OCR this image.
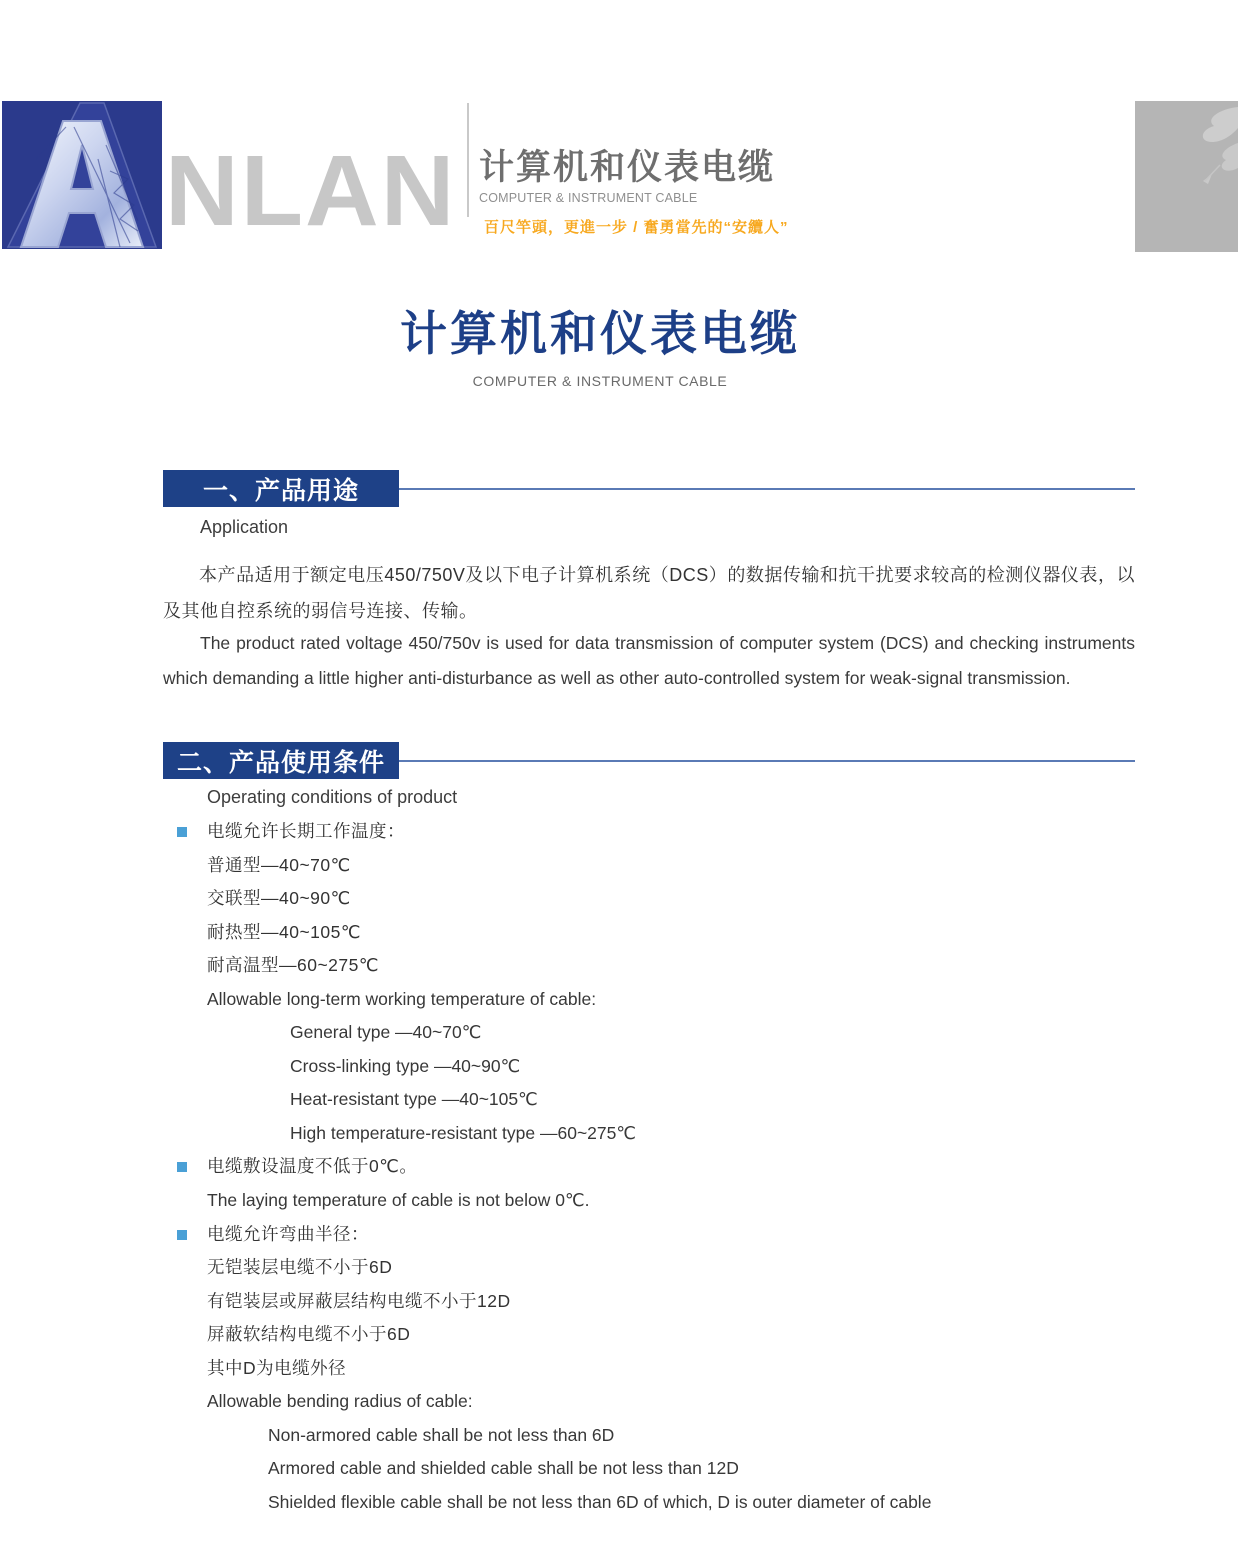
NLAN 计算机和仪表电缆
COMPUTER & INSTRUMENT CABLE
百尺竿頭，更進一步 / 奮勇當先的“安纜人”
计算机和仪表电缆
COMPUTER & INSTRUMENT CABLE
一、产品用途
Application
本产品适用于额定电压450/750V及以下电子计算机系统（DCS）的数据传输和抗干扰要求较高的检测仪器仪表，以及其他自控系统的弱信号连接、传输。
The product rated voltage 450/750v is used for data transmission of computer system (DCS) and checking instruments which demanding a little higher anti-disturbance as well as other auto-controlled system for weak-signal transmission.
二、产品使用条件
Operating conditions of product
电缆允许长期工作温度：
普通型—40~70℃
交联型—40~90℃
耐热型—40~105℃
耐高温型—60~275℃
Allowable long-term working temperature of cable:
General type —40~70℃
Cross-linking type —40~90℃
Heat-resistant type —40~105℃
High temperature-resistant type —60~275℃
电缆敷设温度不低于0℃。
The laying temperature of cable is not below 0℃.
电缆允许弯曲半径：
无铠装层电缆不小于6D
有铠装层或屏蔽层结构电缆不小于12D
屏蔽软结构电缆不小于6D
其中D为电缆外径
Allowable bending radius of cable:
Non-armored cable shall be not less than 6D
Armored cable and shielded cable shall be not less than 12D
Shielded flexible cable shall be not less than 6D of which, D is outer diameter of cable
